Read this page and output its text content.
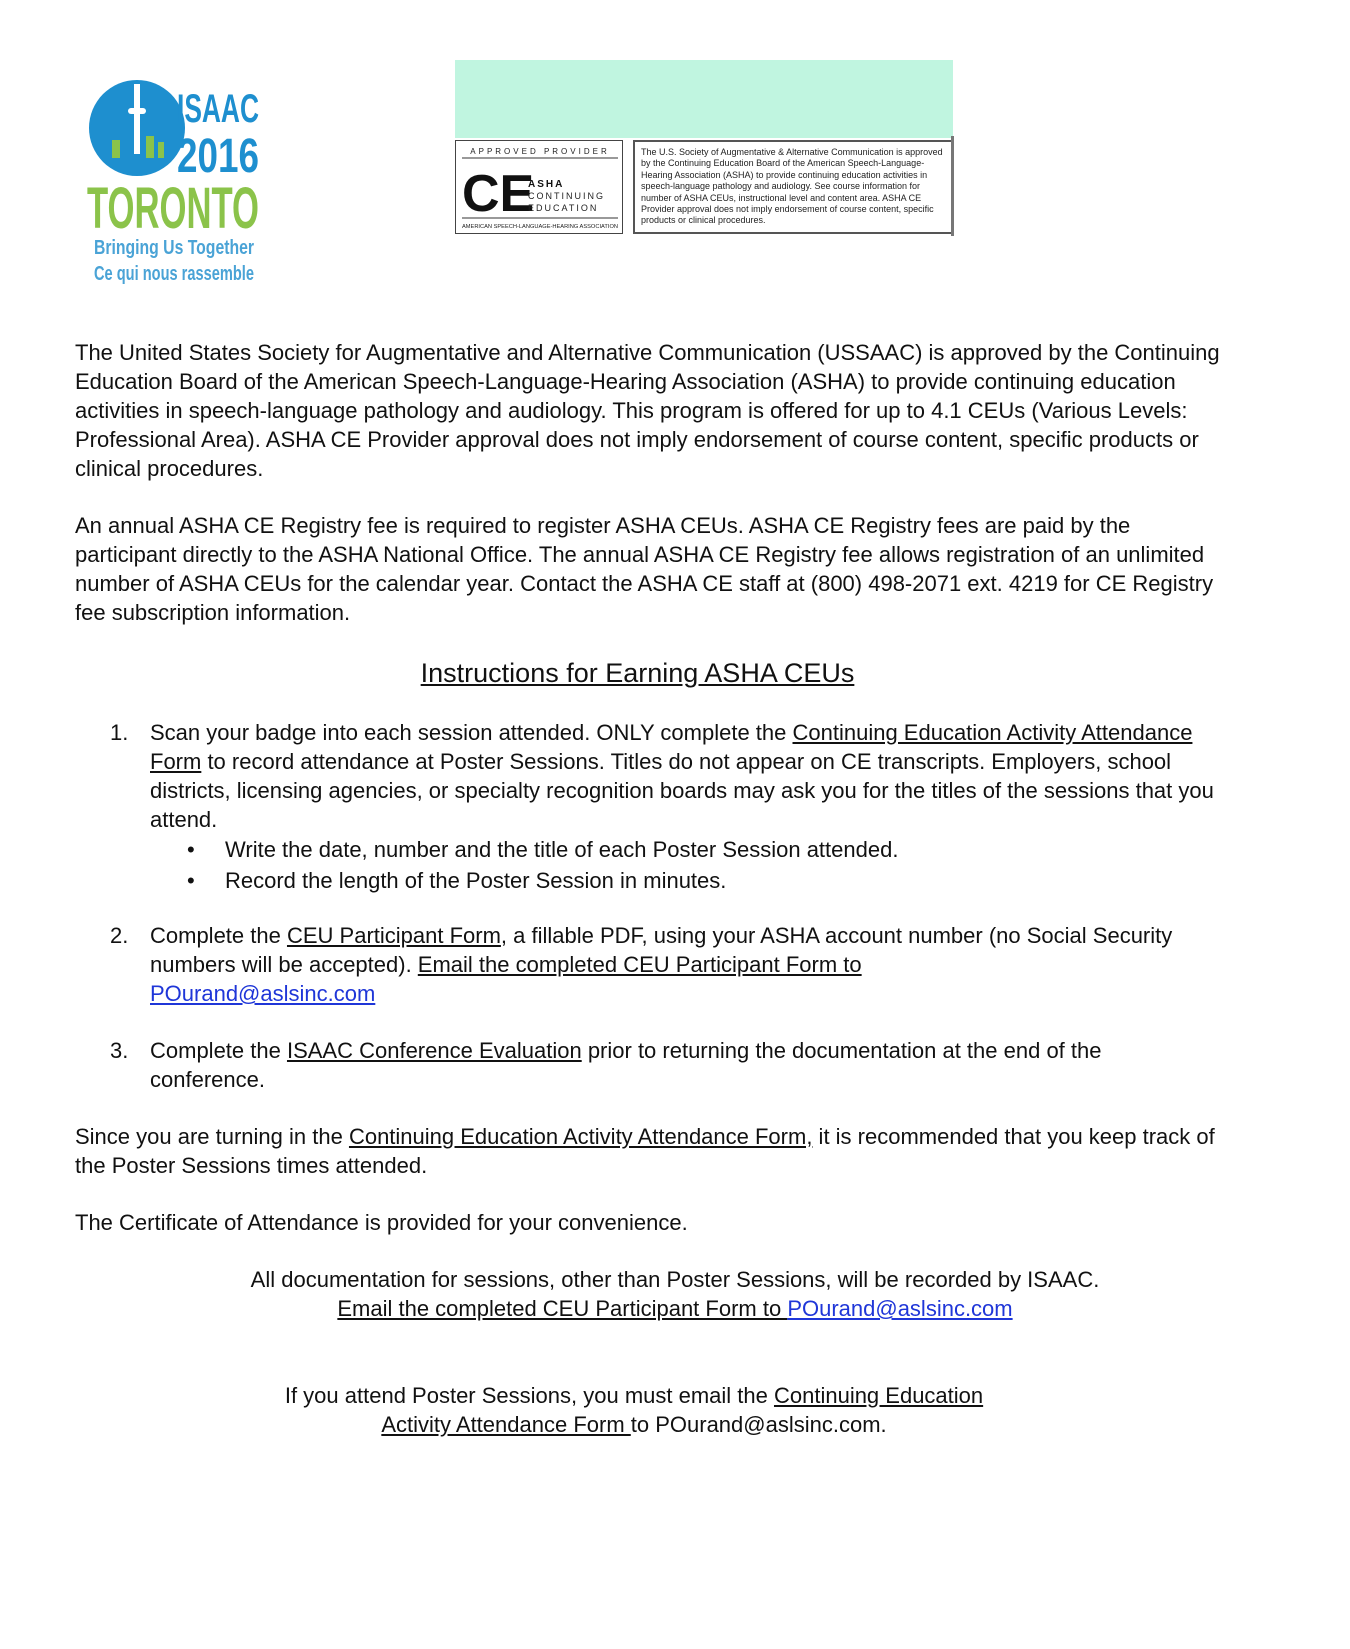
ISAAC
2016
TORONTO
Bringing Us Together
Ce qui nous rassemble
APPROVED PROVIDER
CE
ASHA
CONTINUING
EDUCATION
AMERICAN SPEECH-LANGUAGE-HEARING ASSOCIATION
The U.S. Society of Augmentative & Alternative Communication is approved by the Continuing Education Board of the American Speech-Language-Hearing Association (ASHA) to provide continuing education activities in speech-language pathology and audiology. See course information for number of ASHA CEUs, instructional level and content area. ASHA CE Provider approval does not imply endorsement of course content, specific products or clinical procedures.

The United States Society for Augmentative and Alternative Communication (USSAAC) is approved by the Continuing Education Board of the American Speech-Language-Hearing Association (ASHA) to provide continuing education activities in speech-language pathology and audiology. This program is offered for up to 4.1 CEUs (Various Levels: Professional Area). ASHA CE Provider approval does not imply endorsement of course content, specific products or clinical procedures.

An annual ASHA CE Registry fee is required to register ASHA CEUs. ASHA CE Registry fees are paid by the participant directly to the ASHA National Office. The annual ASHA CE Registry fee allows registration of an unlimited number of ASHA CEUs for the calendar year. Contact the ASHA CE staff at (800) 498-2071 ext. 4219 for CE Registry fee subscription information.

Instructions for Earning ASHA CEUs
1. Scan your badge into each session attended. ONLY complete the Continuing Education Activity Attendance Form to record attendance at Poster Sessions. Titles do not appear on CE transcripts. Employers, school districts, licensing agencies, or specialty recognition boards may ask you for the titles of the sessions that you attend.
• Write the date, number and the title of each Poster Session attended.
• Record the length of the Poster Session in minutes.
2. Complete the CEU Participant Form, a fillable PDF, using your ASHA account number (no Social Security numbers will be accepted). Email the completed CEU Participant Form to
POurand@aslsinc.com
3. Complete the ISAAC Conference Evaluation prior to returning the documentation at the end of the conference.

Since you are turning in the Continuing Education Activity Attendance Form, it is recommended that you keep track of the Poster Sessions times attended.

The Certificate of Attendance is provided for your convenience.

All documentation for sessions, other than Poster Sessions, will be recorded by ISAAC.

Email the completed CEU Participant Form to POurand@aslsinc.com

If you attend Poster Sessions, you must email the Continuing Education

Activity Attendance Form to POurand@aslsinc.com.
